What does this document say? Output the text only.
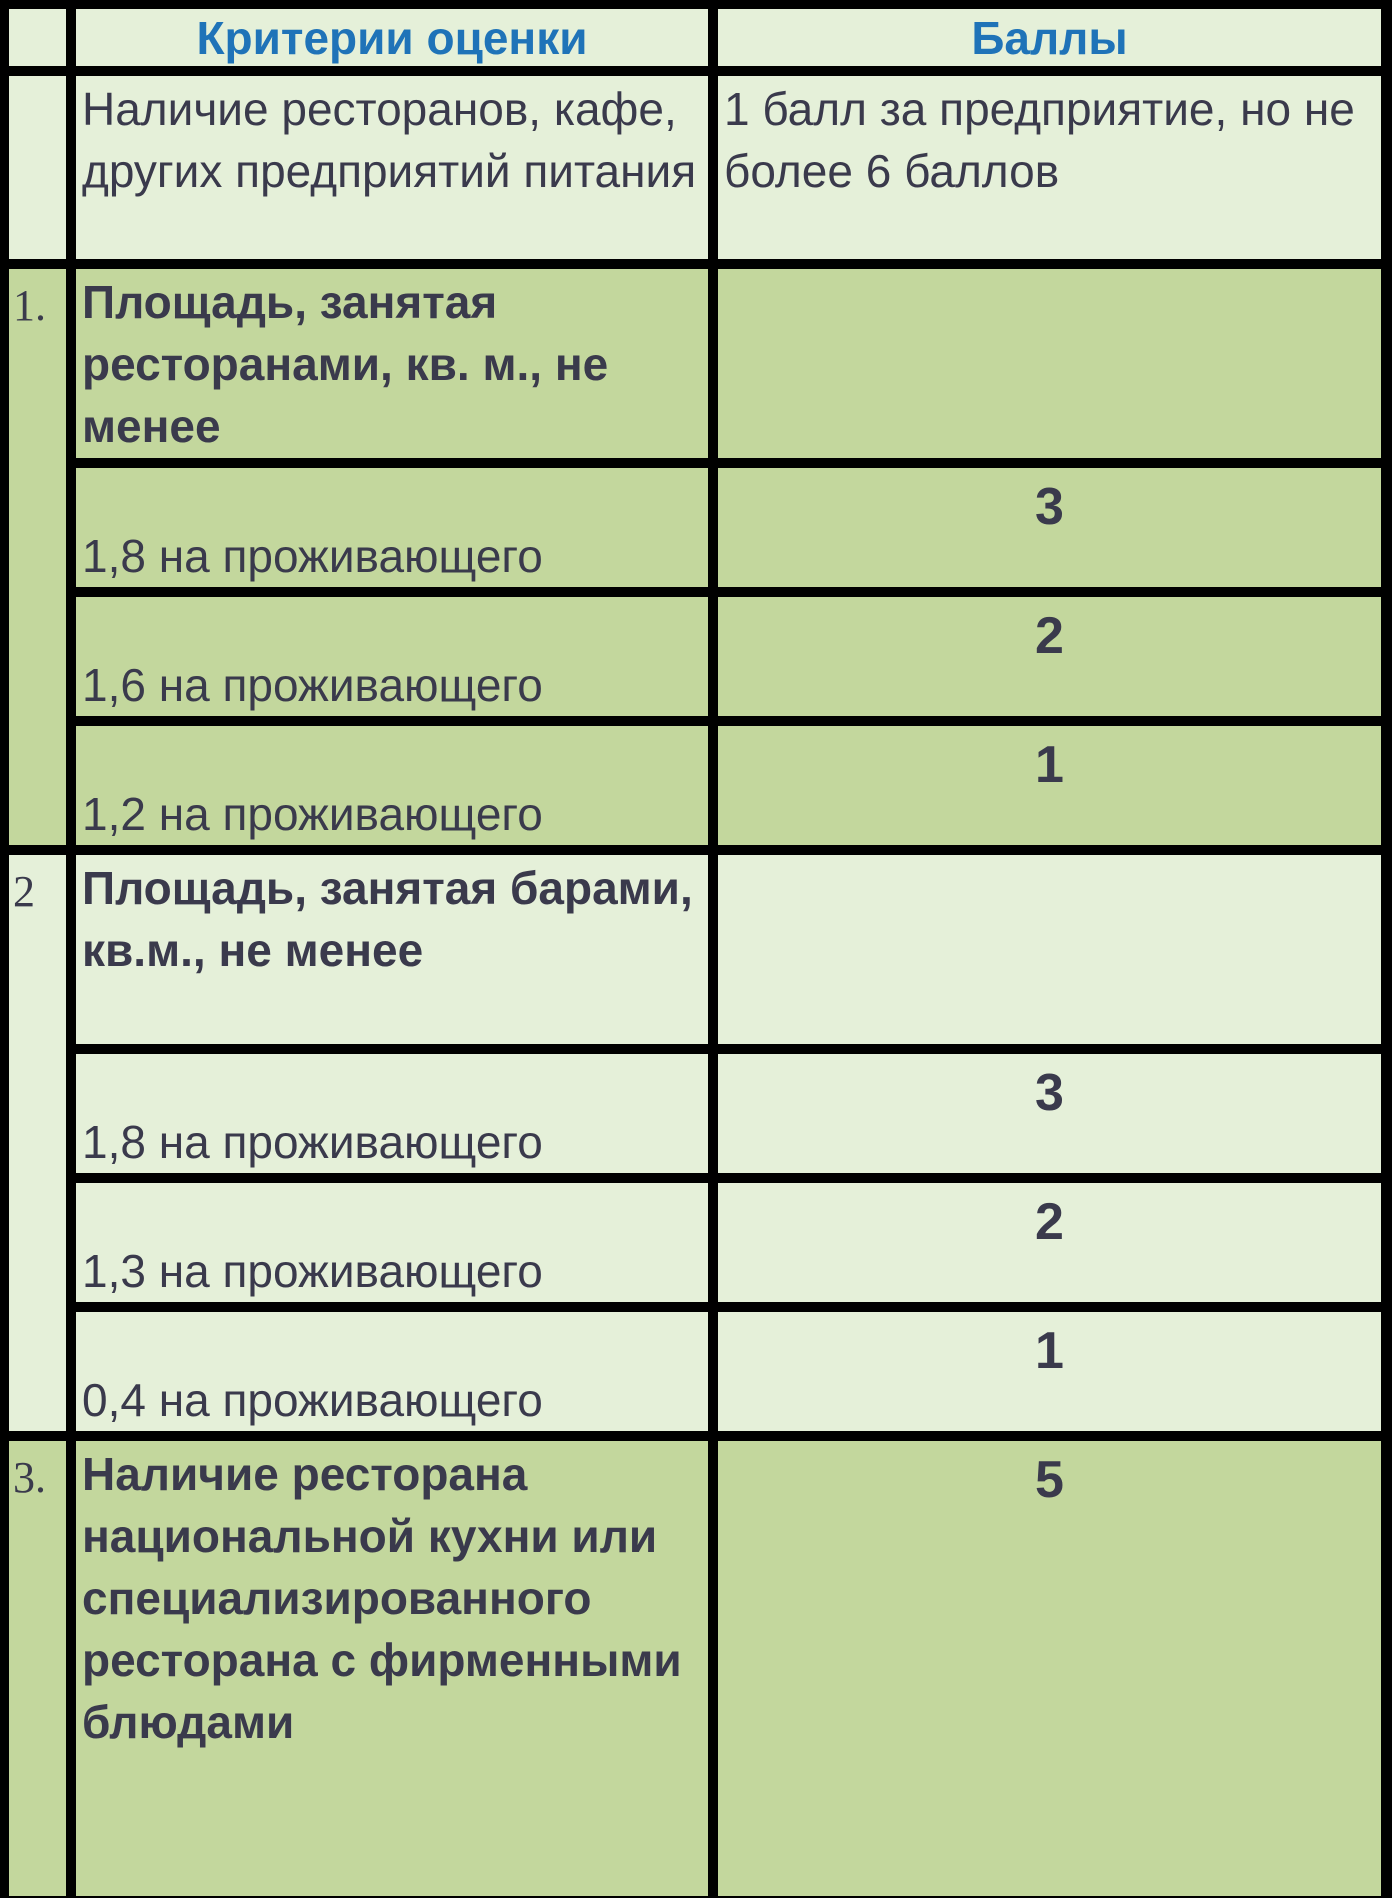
Критерии оценки	Баллы
Наличие ресторанов, кафе, других предприятий питания
1 балл за предприятие, но не более 6 баллов
1. Площадь, занятая ресторанами, кв. м., не менее
1,8 на проживающего
3
1,6 на проживающего
2
1,2 на проживающего
1
2	Площадь, занятая барами, кв.м., не менее
1,8 на проживающего
3
1,3 на проживающего
2
0,4 на проживающего
1
3. Наличие ресторана национальной кухни или специализированного ресторана с фирменными блюдами
5
